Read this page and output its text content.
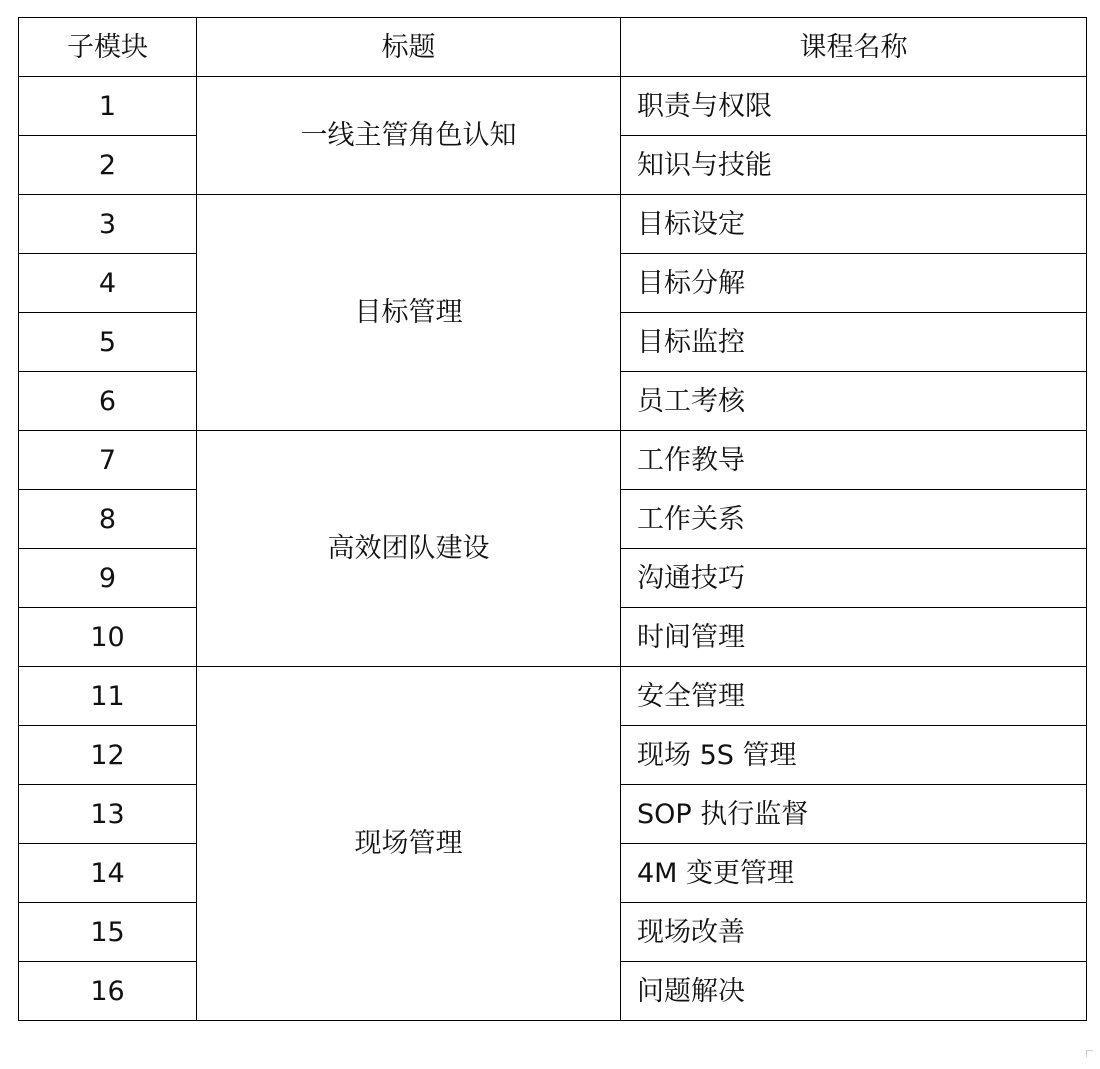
子模块	标题	课程名称
1	一线主管角色认知	职责与权限
2		知识与技能
3	目标管理	目标设定
4		目标分解
5		目标监控
6		员工考核
7	高效团队建设	工作教导
8		工作关系
9		沟通技巧
10		时间管理
11	现场管理	安全管理
12		现场 5S 管理
13		SOP 执行监督
14		4M 变更管理
15		现场改善
16		问题解决
